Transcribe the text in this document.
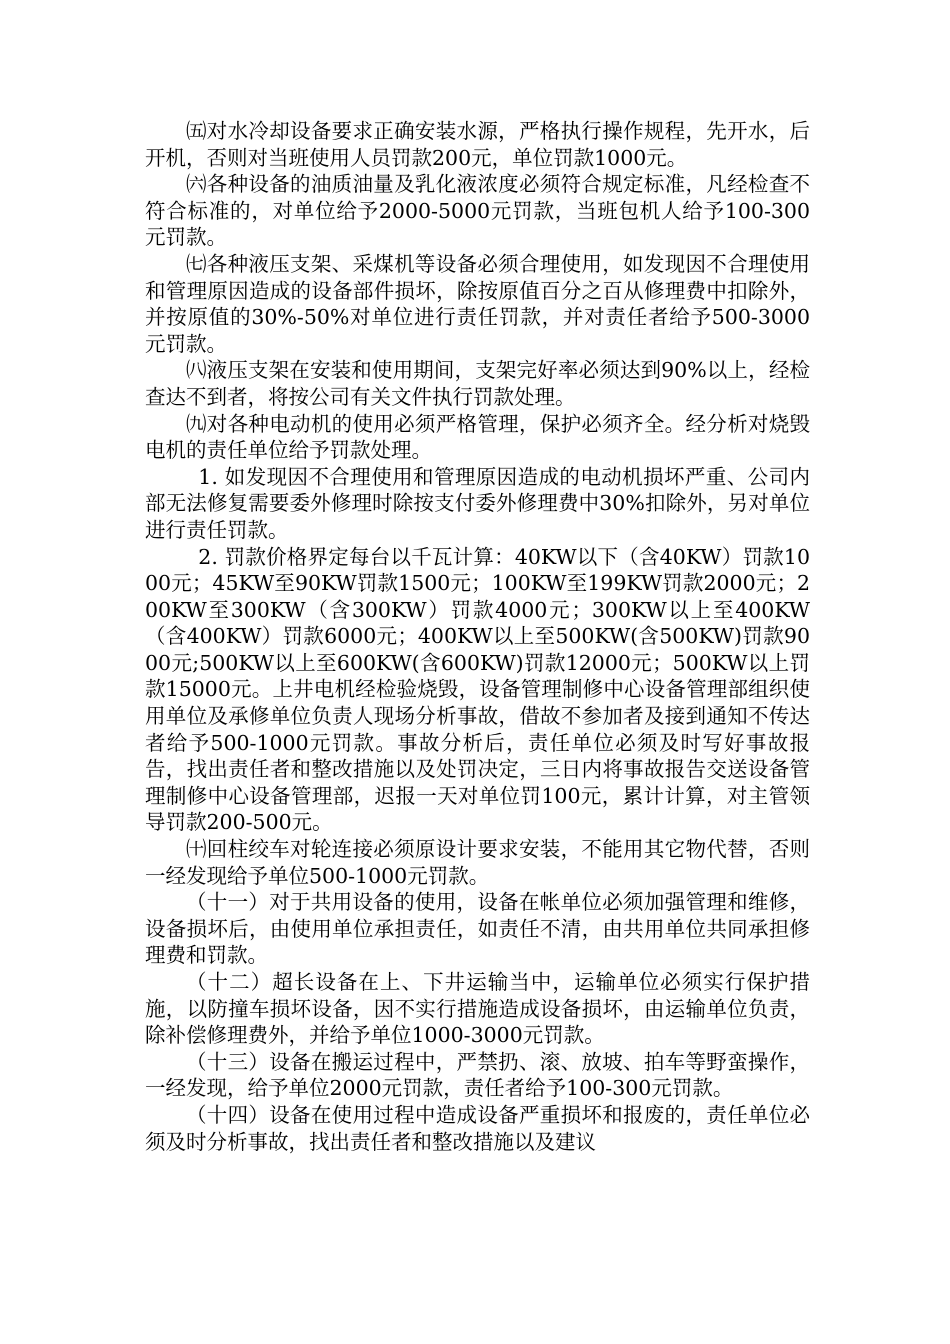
㈤对水冷却设备要求正确安装水源，严格执行操作规程，先开水，后开机，否则对当班使用人员罚款200元，单位罚款1000元。

㈥各种设备的油质油量及乳化液浓度必须符合规定标准，凡经检查不符合标准的，对单位给予2000-5000元罚款，当班包机人给予100-300元罚款。

㈦各种液压支架、采煤机等设备必须合理使用，如发现因不合理使用和管理原因造成的设备部件损坏，除按原值百分之百从修理费中扣除外，并按原值的30%-50%对单位进行责任罚款，并对责任者给予500-3000元罚款。

㈧液压支架在安装和使用期间，支架完好率必须达到90%以上，经检查达不到者，将按公司有关文件执行罚款处理。

㈨对各种电动机的使用必须严格管理，保护必须齐全。经分析对烧毁电机的责任单位给予罚款处理。

1. 如发现因不合理使用和管理原因造成的电动机损坏严重、公司内部无法修复需要委外修理时除按支付委外修理费中30%扣除外，另对单位进行责任罚款。

2. 罚款价格界定每台以千瓦计算：40KW以下（含40KW）罚款1000元；45KW至90KW罚款1500元；100KW至199KW罚款2000元；200KW至300KW（含300KW）罚款4000元；300KW以上至400KW（含400KW）罚款6000元；400KW以上至500KW(含500KW)罚款9000元;500KW以上至600KW(含600KW)罚款12000元；500KW以上罚款15000元。上井电机经检验烧毁，设备管理制修中心设备管理部组织使用单位及承修单位负责人现场分析事故，借故不参加者及接到通知不传达者给予500-1000元罚款。事故分析后，责任单位必须及时写好事故报告，找出责任者和整改措施以及处罚决定，三日内将事故报告交送设备管理制修中心设备管理部，迟报一天对单位罚100元，累计计算，对主管领导罚款200-500元。

㈩回柱绞车对轮连接必须原设计要求安装，不能用其它物代替，否则一经发现给予单位500-1000元罚款。

（十一）对于共用设备的使用，设备在帐单位必须加强管理和维修，设备损坏后，由使用单位承担责任，如责任不清，由共用单位共同承担修理费和罚款。

（十二）超长设备在上、下井运输当中，运输单位必须实行保护措施，以防撞车损坏设备，因不实行措施造成设备损坏，由运输单位负责，除补偿修理费外，并给予单位1000-3000元罚款。

（十三）设备在搬运过程中，严禁扔、滚、放坡、拍车等野蛮操作，一经发现，给予单位2000元罚款，责任者给予100-300元罚款。

（十四）设备在使用过程中造成设备严重损坏和报废的，责任单位必须及时分析事故，找出责任者和整改措施以及建议
